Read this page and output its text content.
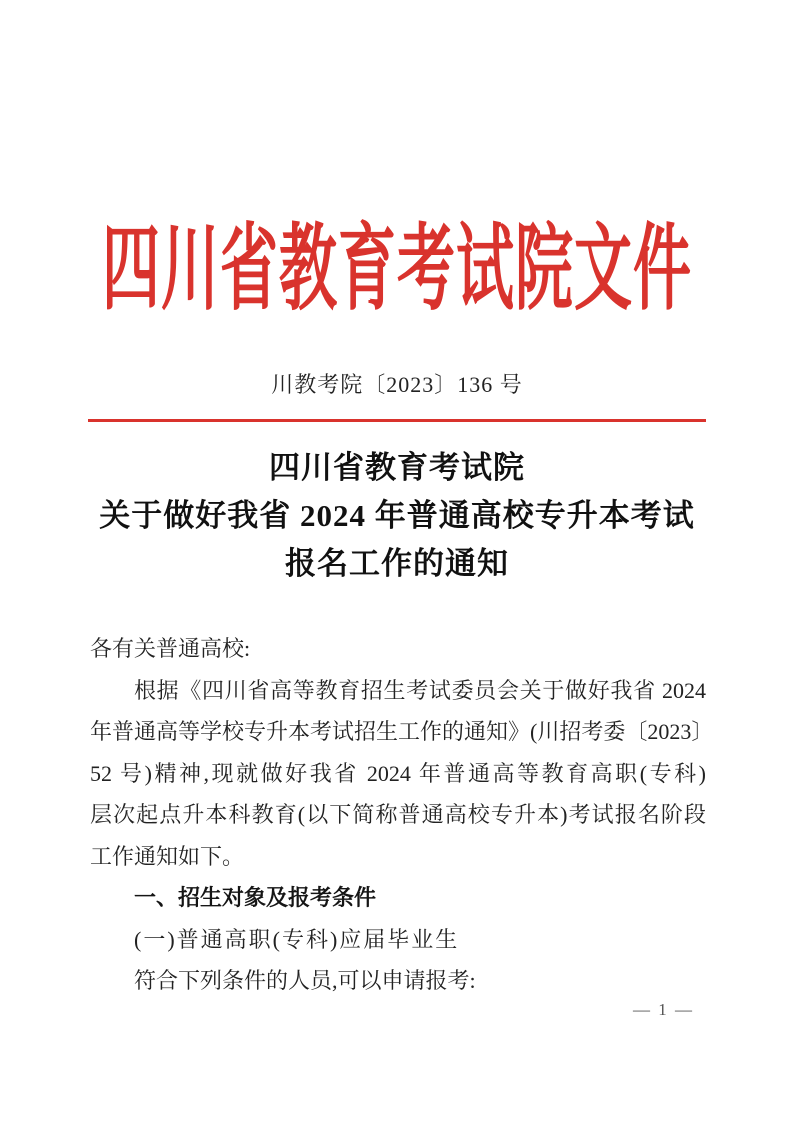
四川省教育考试院文件
川教考院〔2023〕136 号
四川省教育考试院
关于做好我省 2024 年普通高校专升本考试
报名工作的通知
各有关普通高校:
根据《四川省高等教育招生考试委员会关于做好我省 2024
年普通高等学校专升本考试招生工作的通知》(川招考委〔2023〕
52 号)精神,现就做好我省 2024 年普通高等教育高职(专科)
层次起点升本科教育(以下简称普通高校专升本)考试报名阶段
工作通知如下。
一、招生对象及报考条件
(一)普通高职(专科)应届毕业生
符合下列条件的人员,可以申请报考:
— 1 —
